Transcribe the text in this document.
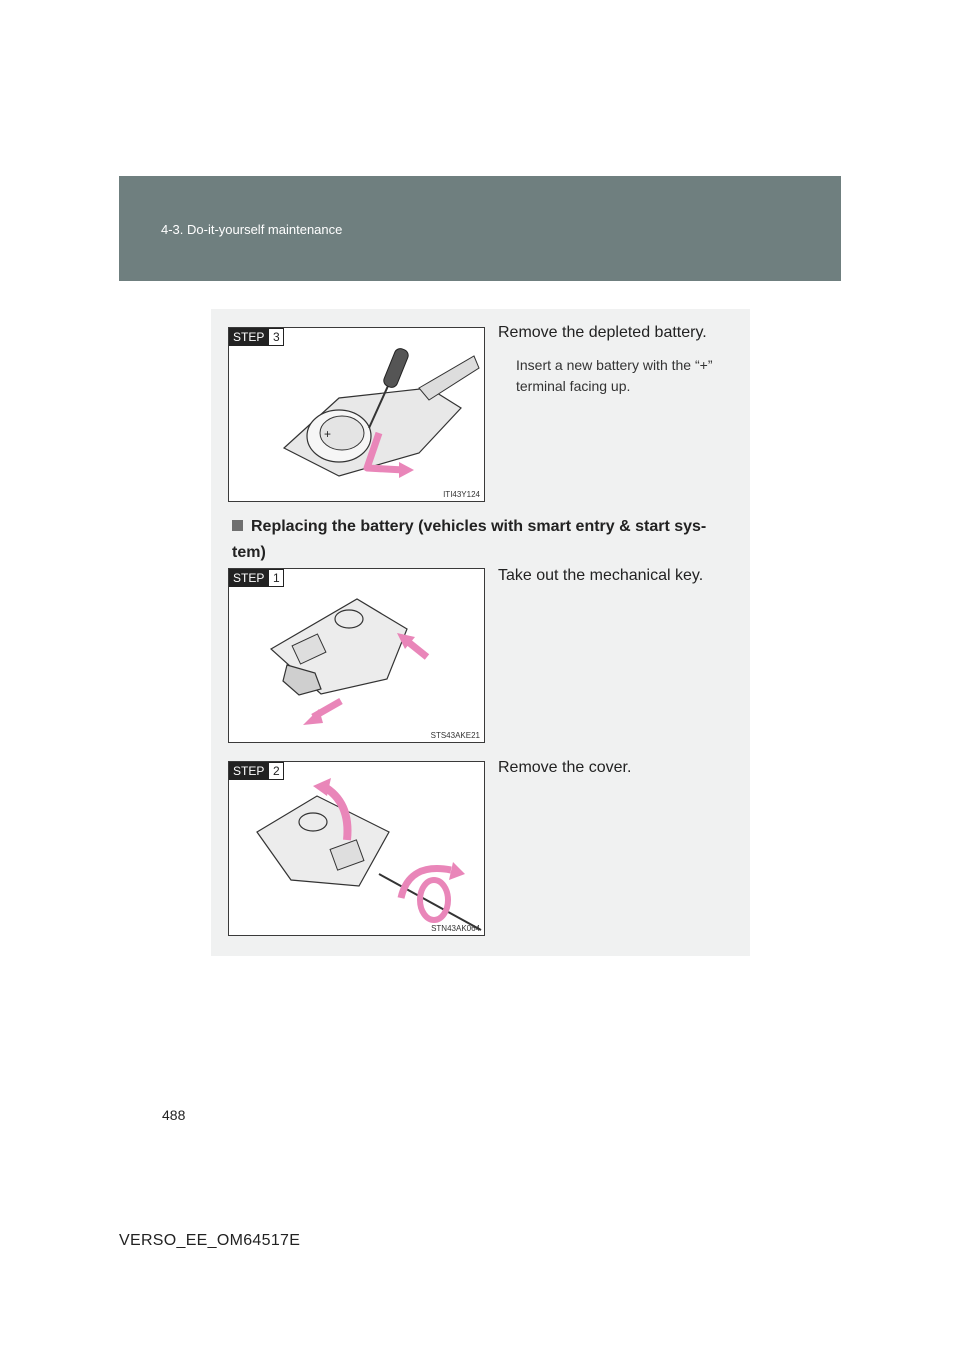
4-3. Do-it-yourself maintenance
+
STEP 3
ITI43Y124
Remove the depleted battery.
Insert a new battery with the “+” terminal facing up.
Replacing the battery (vehicles with smart entry & start sys-tem)
STEP 1
STS43AKE21
Take out the mechanical key.
STEP 2
STN43AK064
Remove the cover.
488
VERSO_EE_OM64517E
